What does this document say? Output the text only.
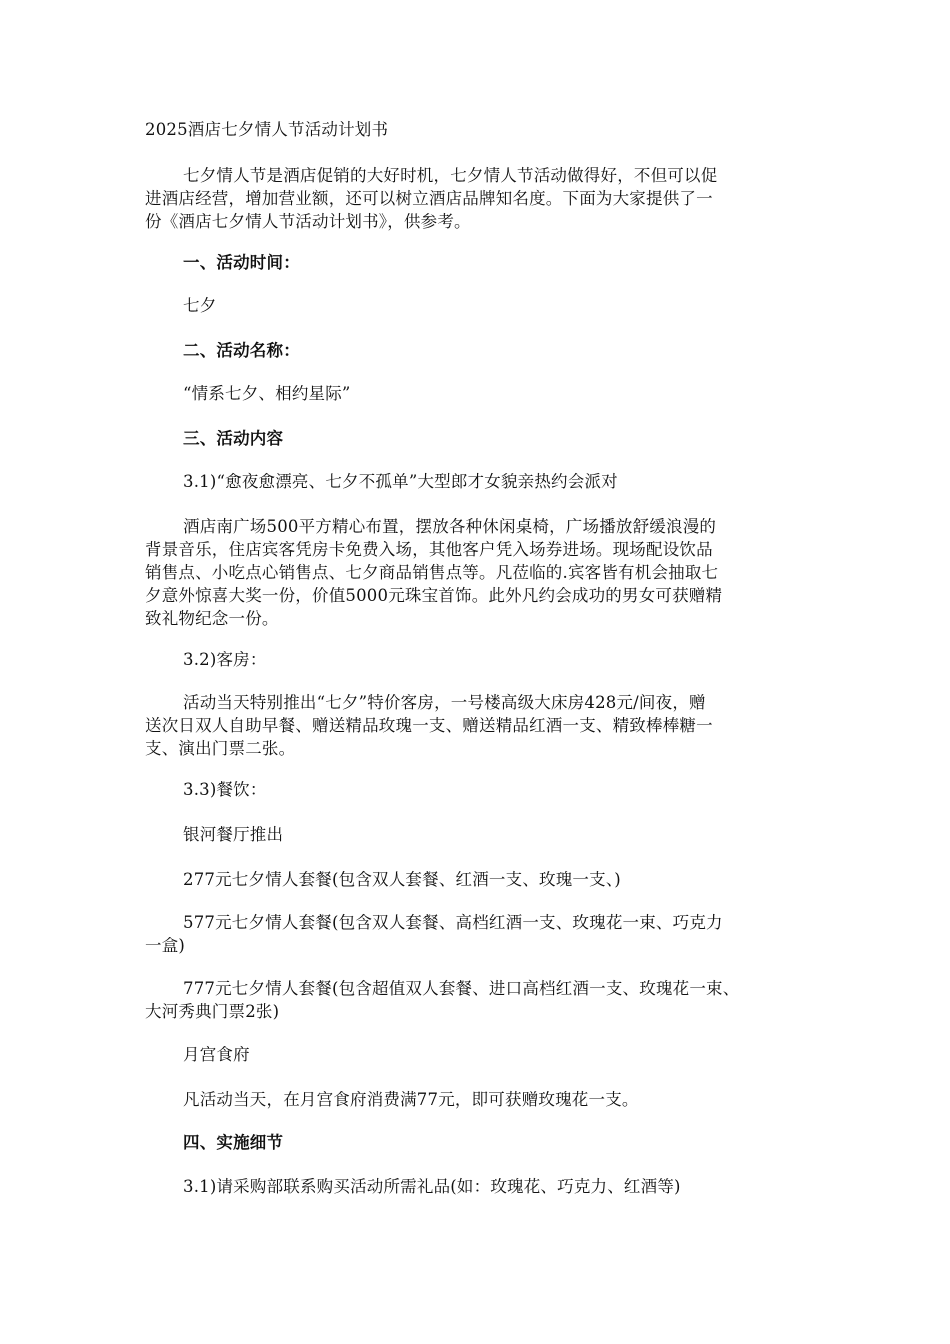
2025酒店七夕情人节活动计划书
七夕情人节是酒店促销的大好时机，七夕情人节活动做得好，不但可以促
进酒店经营，增加营业额，还可以树立酒店品牌知名度。下面为大家提供了一
份《酒店七夕情人节活动计划书》，供参考。
一、活动时间：
七夕
二、活动名称：
“情系七夕、相约星际”
三、活动内容
3.1)“愈夜愈漂亮、七夕不孤单”大型郎才女貌亲热约会派对
酒店南广场500平方精心布置，摆放各种休闲桌椅，广场播放舒缓浪漫的
背景音乐，住店宾客凭房卡免费入场，其他客户凭入场券进场。现场配设饮品
销售点、小吃点心销售点、七夕商品销售点等。凡莅临的.宾客皆有机会抽取七
夕意外惊喜大奖一份，价值5000元珠宝首饰。此外凡约会成功的男女可获赠精
致礼物纪念一份。
3.2)客房：
活动当天特别推出“七夕”特价客房，一号楼高级大床房428元/间夜，赠
送次日双人自助早餐、赠送精品玫瑰一支、赠送精品红酒一支、精致棒棒糖一
支、演出门票二张。
3.3)餐饮：
银河餐厅推出
277元七夕情人套餐(包含双人套餐、红酒一支、玫瑰一支、)
577元七夕情人套餐(包含双人套餐、高档红酒一支、玫瑰花一束、巧克力
一盒)
777元七夕情人套餐(包含超值双人套餐、进口高档红酒一支、玫瑰花一束、
大河秀典门票2张)
月宫食府
凡活动当天，在月宫食府消费满77元，即可获赠玫瑰花一支。
四、实施细节
3.1)请采购部联系购买活动所需礼品(如：玫瑰花、巧克力、红酒等)
